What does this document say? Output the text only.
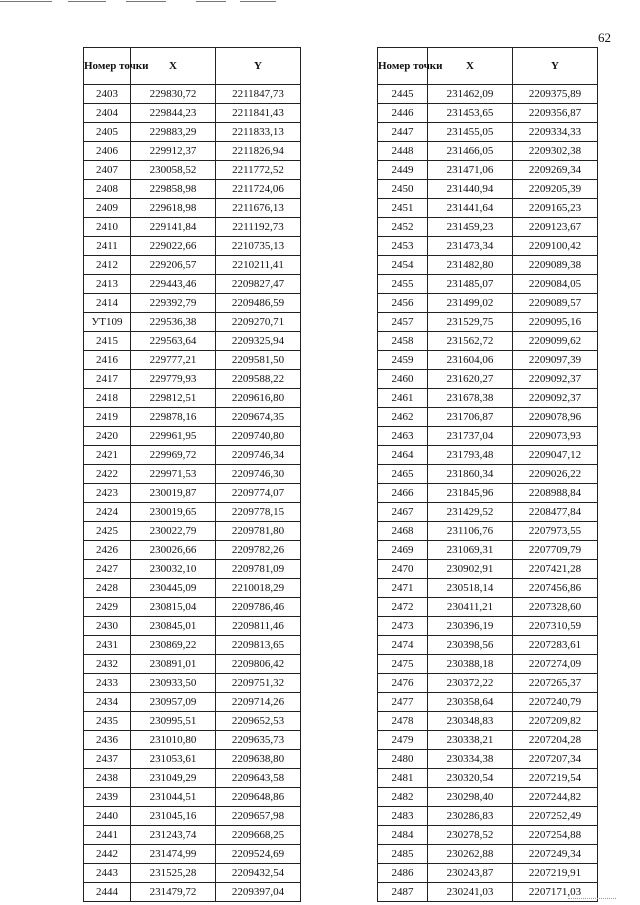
62
Номер точки	X	Y
2403	229830,72	2211847,73
2404	229844,23	2211841,43
2405	229883,29	2211833,13
2406	229912,37	2211826,94
2407	230058,52	2211772,52
2408	229858,98	2211724,06
2409	229618,98	2211676,13
2410	229141,84	2211192,73
2411	229022,66	2210735,13
2412	229206,57	2210211,41
2413	229443,46	2209827,47
2414	229392,79	2209486,59
УТ109	229536,38	2209270,71
2415	229563,64	2209325,94
2416	229777,21	2209581,50
2417	229779,93	2209588,22
2418	229812,51	2209616,80
2419	229878,16	2209674,35
2420	229961,95	2209740,80
2421	229969,72	2209746,34
2422	229971,53	2209746,30
2423	230019,87	2209774,07
2424	230019,65	2209778,15
2425	230022,79	2209781,80
2426	230026,66	2209782,26
2427	230032,10	2209781,09
2428	230445,09	2210018,29
2429	230815,04	2209786,46
2430	230845,01	2209811,46
2431	230869,22	2209813,65
2432	230891,01	2209806,42
2433	230933,50	2209751,32
2434	230957,09	2209714,26
2435	230995,51	2209652,53
2436	231010,80	2209635,73
2437	231053,61	2209638,80
2438	231049,29	2209643,58
2439	231044,51	2209648,86
2440	231045,16	2209657,98
2441	231243,74	2209668,25
2442	231474,99	2209524,69
2443	231525,28	2209432,54
2444	231479,72	2209397,04
Номер точки	X	Y
2445	231462,09	2209375,89
2446	231453,65	2209356,87
2447	231455,05	2209334,33
2448	231466,05	2209302,38
2449	231471,06	2209269,34
2450	231440,94	2209205,39
2451	231441,64	2209165,23
2452	231459,23	2209123,67
2453	231473,34	2209100,42
2454	231482,80	2209089,38
2455	231485,07	2209084,05
2456	231499,02	2209089,57
2457	231529,75	2209095,16
2458	231562,72	2209099,62
2459	231604,06	2209097,39
2460	231620,27	2209092,37
2461	231678,38	2209092,37
2462	231706,87	2209078,96
2463	231737,04	2209073,93
2464	231793,48	2209047,12
2465	231860,34	2209026,22
2466	231845,96	2208988,84
2467	231429,52	2208477,84
2468	231106,76	2207973,55
2469	231069,31	2207709,79
2470	230902,91	2207421,28
2471	230518,14	2207456,86
2472	230411,21	2207328,60
2473	230396,19	2207310,59
2474	230398,56	2207283,61
2475	230388,18	2207274,09
2476	230372,22	2207265,37
2477	230358,64	2207240,79
2478	230348,83	2207209,82
2479	230338,21	2207204,28
2480	230334,38	2207207,34
2481	230320,54	2207219,54
2482	230298,40	2207244,82
2483	230286,83	2207252,49
2484	230278,52	2207254,88
2485	230262,88	2207249,34
2486	230243,87	2207219,91
2487	230241,03	2207171,03
